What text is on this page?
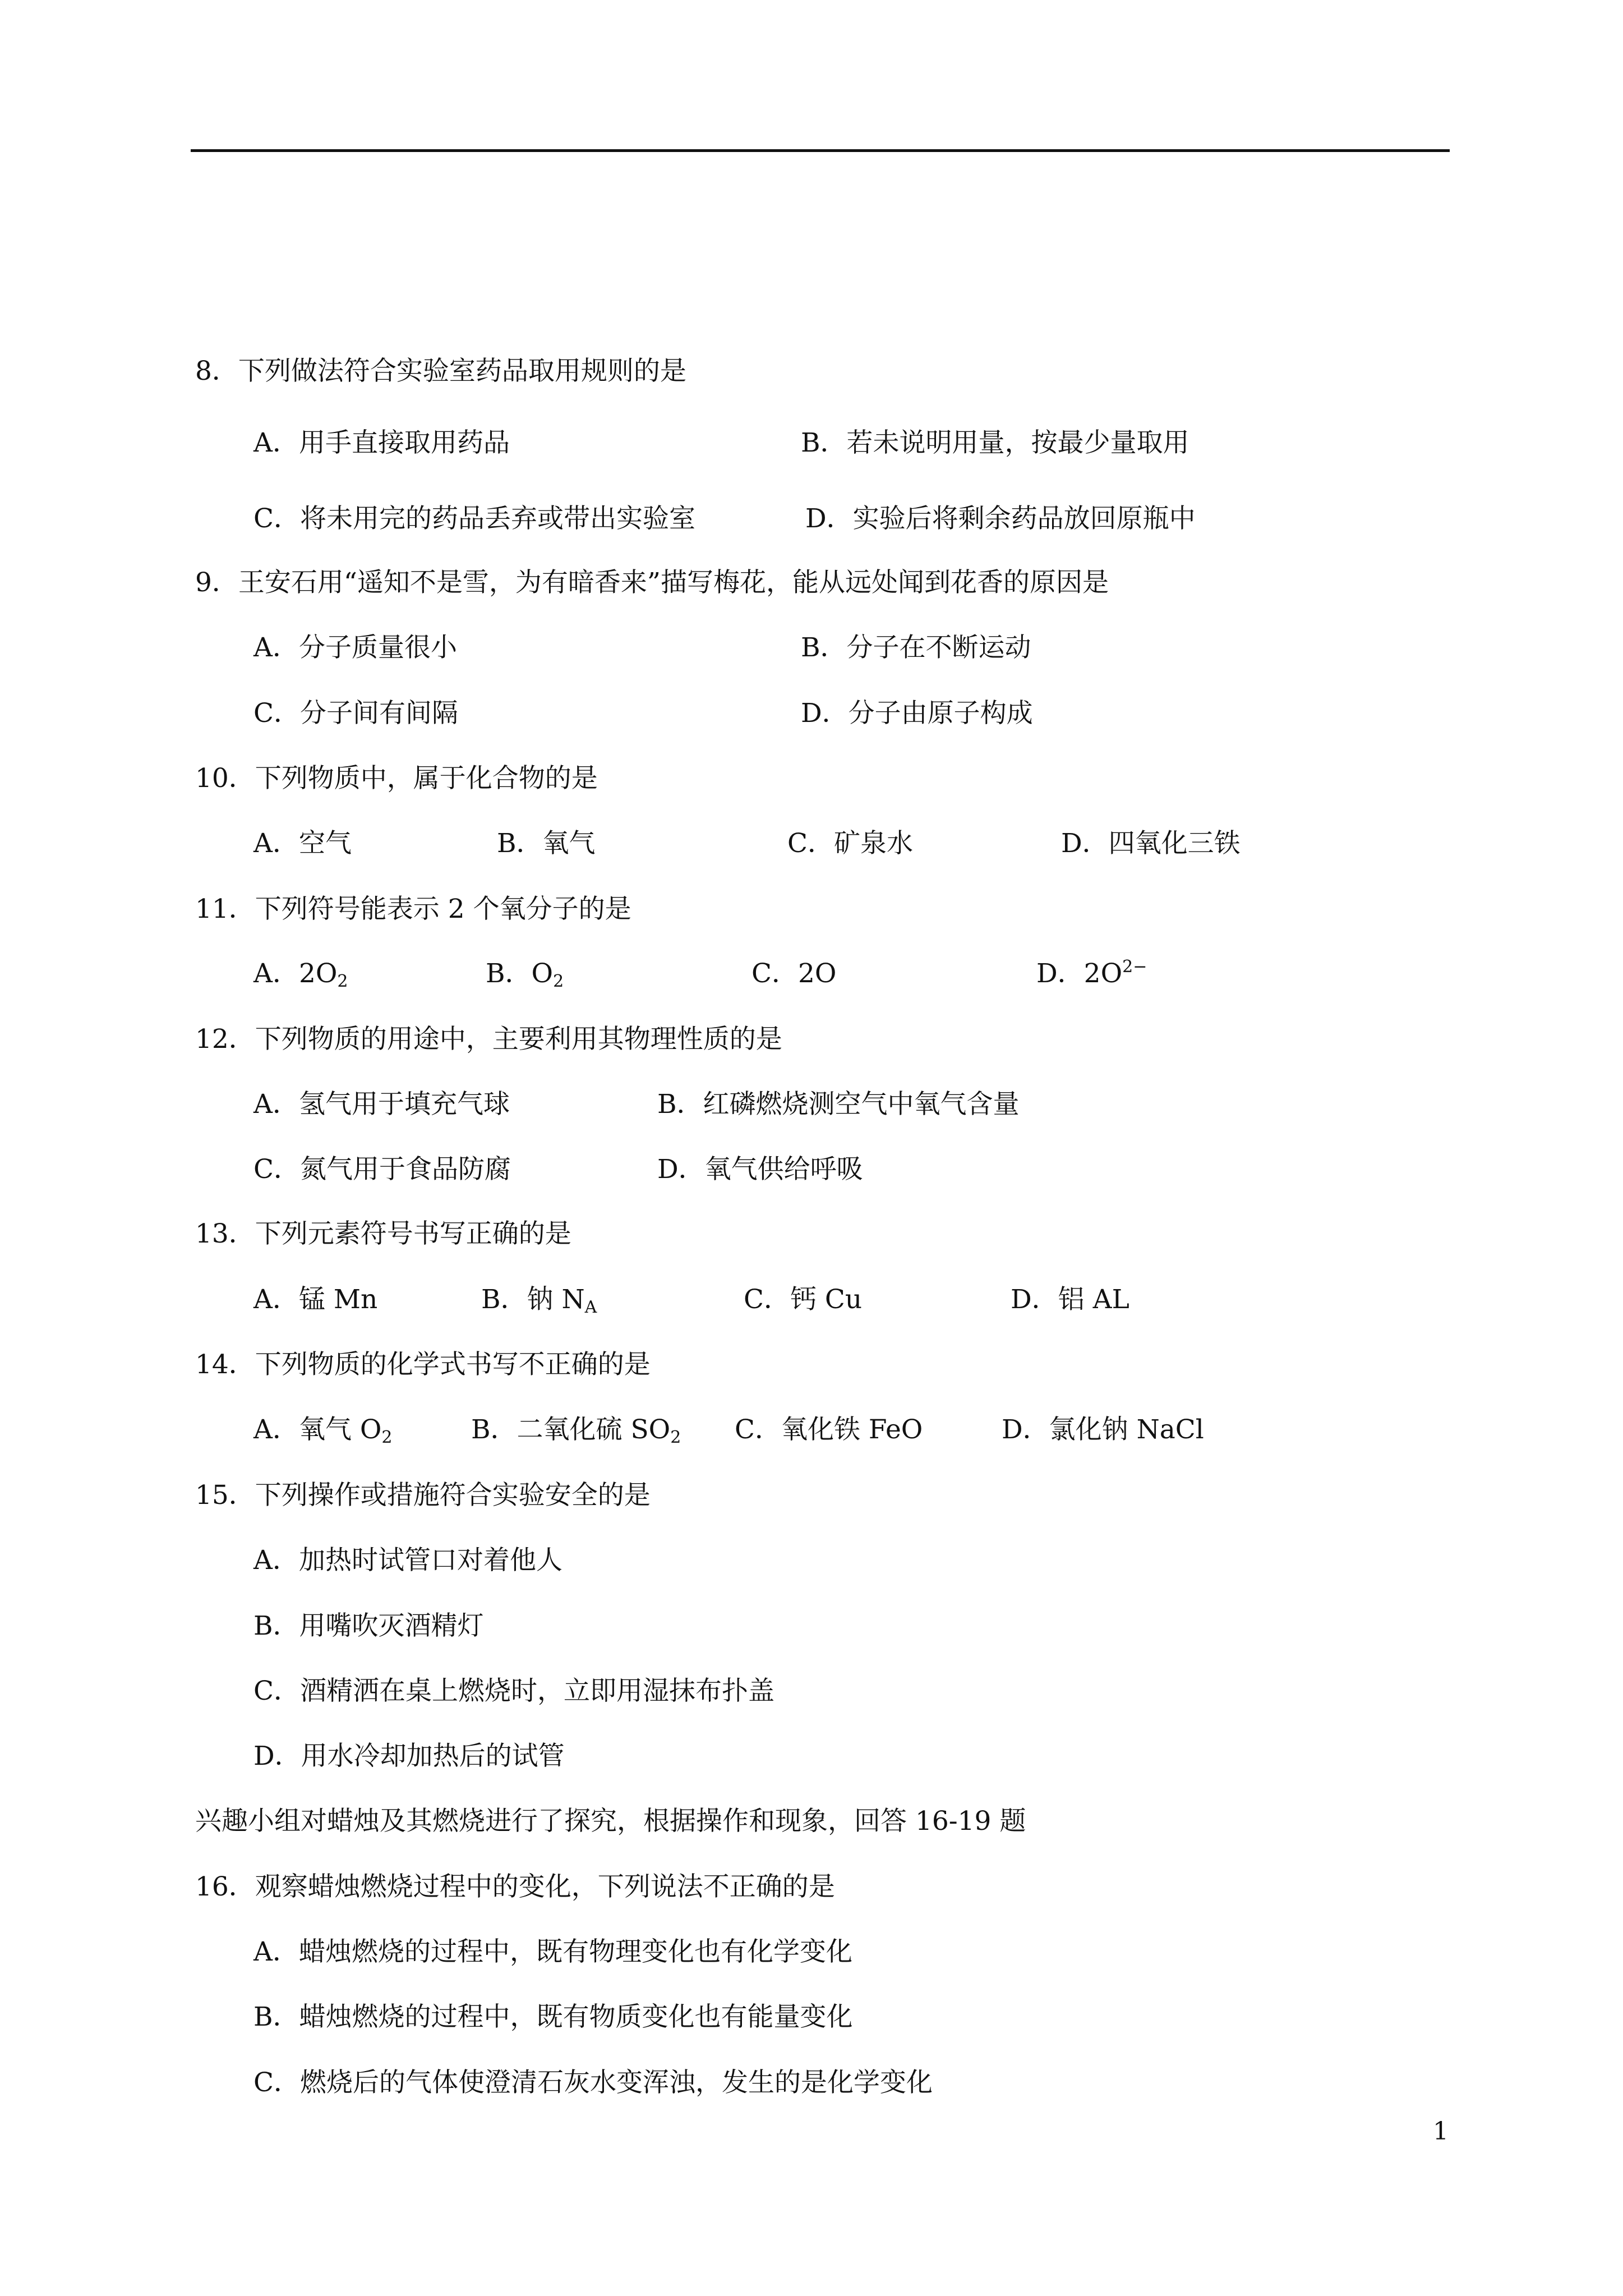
8．下列做法符合实验室药品取用规则的是
A．用手直接取用药品	B．若未说明用量，按最少量取用
C．将未用完的药品丢弃或带出实验室	D．实验后将剩余药品放回原瓶中
9．王安石用“遥知不是雪，为有暗香来”描写梅花，能从远处闻到花香的原因是
A．分子质量很小	B．分子在不断运动
C．分子间有间隔	D．分子由原子构成
10．下列物质中，属于化合物的是
A．空气	B．氧气	C．矿泉水	D．四氧化三铁
11．下列符号能表示 2 个氧分子的是
A．$2O_2$	B．$O_2$	C．2O	D．$2O^{2-}$
12．下列物质的用途中，主要利用其物理性质的是
A．氢气用于填充气球	B．红磷燃烧测空气中氧气含量
C．氮气用于食品防腐	D．氧气供给呼吸
13．下列元素符号书写正确的是
A．锰 Mn	B．钠 $N_A$	C．钙 Cu	D．铝 AL
14．下列物质的化学式书写不正确的是
A．氧气 $O_2$	B．二氧化硫 $SO_2$ C．氧化铁 FeO	D．氯化钠 NaCl
15．下列操作或措施符合实验安全的是
A．加热时试管口对着他人
B．用嘴吹灭酒精灯
C．酒精洒在桌上燃烧时，立即用湿抹布扑盖
D．用水冷却加热后的试管
兴趣小组对蜡烛及其燃烧进行了探究，根据操作和现象，回答 16-19 题
16．观察蜡烛燃烧过程中的变化，下列说法不正确的是
A．蜡烛燃烧的过程中，既有物理变化也有化学变化
B．蜡烛燃烧的过程中，既有物质变化也有能量变化
C．燃烧后的气体使澄清石灰水变浑浊，发生的是化学变化
1
